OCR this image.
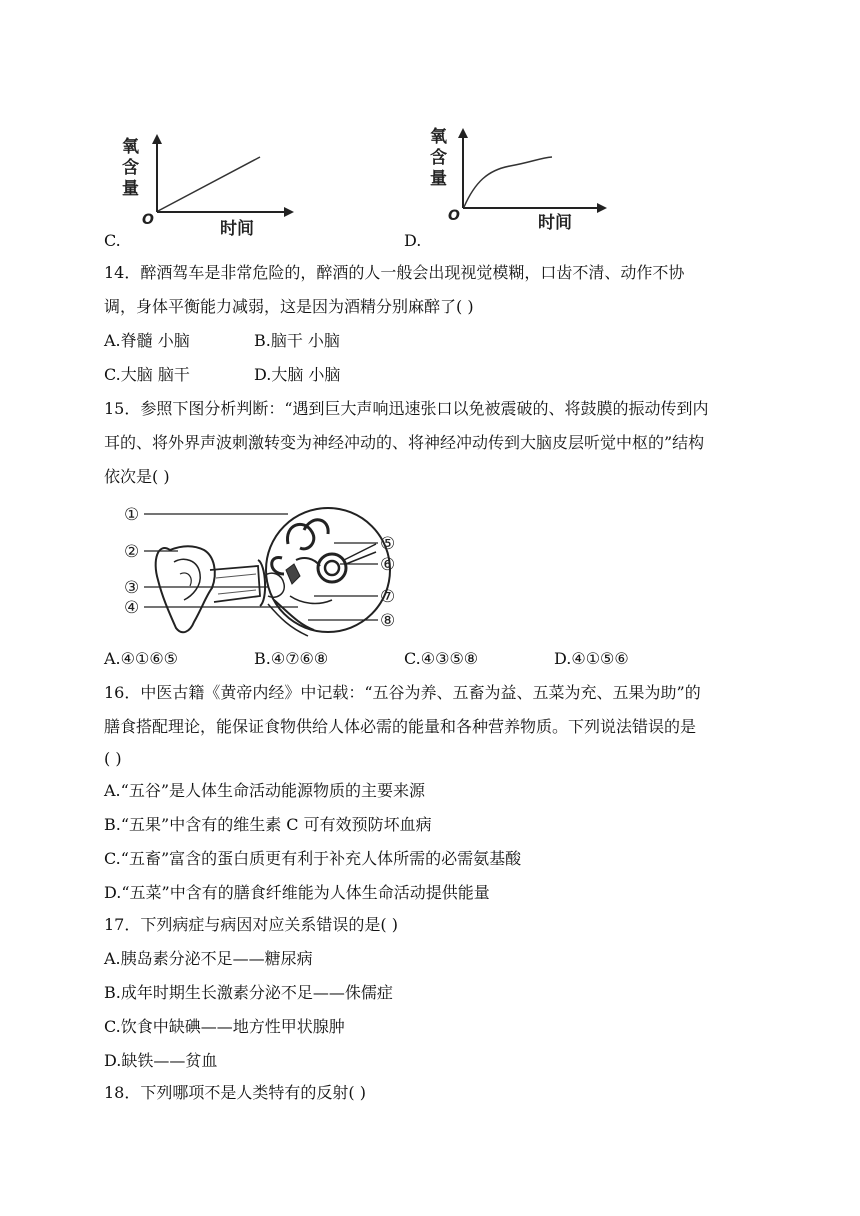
氧
含
量
O	时间
C.
氧
含
量
O	时间
D.
14．醉酒驾车是非常危险的，醉酒的人一般会出现视觉模糊，口齿不清、动作不协
调，身体平衡能力减弱，这是因为酒精分别麻醉了( )
A.脊髓 小脑	B.脑干 小脑
C.大脑 脑干	D.大脑 小脑
15．参照下图分析判断：“遇到巨大声响迅速张口以免被震破的、将鼓膜的振动传到内
耳的、将外界声波刺激转变为神经冲动的、将神经冲动传到大脑皮层听觉中枢的”结构
依次是( )
①
②
③
④
⑤
⑥
⑦
⑧
A.④①⑥⑤	B.④⑦⑥⑧	C.④③⑤⑧	D.④①⑤⑥
16．中医古籍《黄帝内经》中记载：“五谷为养、五畜为益、五菜为充、五果为助”的
膳食搭配理论，能保证食物供给人体必需的能量和各种营养物质。下列说法错误的是
( )
A.“五谷”是人体生命活动能源物质的主要来源
B.“五果”中含有的维生素 C 可有效预防坏血病
C.“五畜”富含的蛋白质更有利于补充人体所需的必需氨基酸
D.“五菜”中含有的膳食纤维能为人体生命活动提供能量
17．下列病症与病因对应关系错误的是( )
A.胰岛素分泌不足——糖尿病
B.成年时期生长激素分泌不足——侏儒症
C.饮食中缺碘——地方性甲状腺肿
D.缺铁——贫血
18．下列哪项不是人类特有的反射( )
